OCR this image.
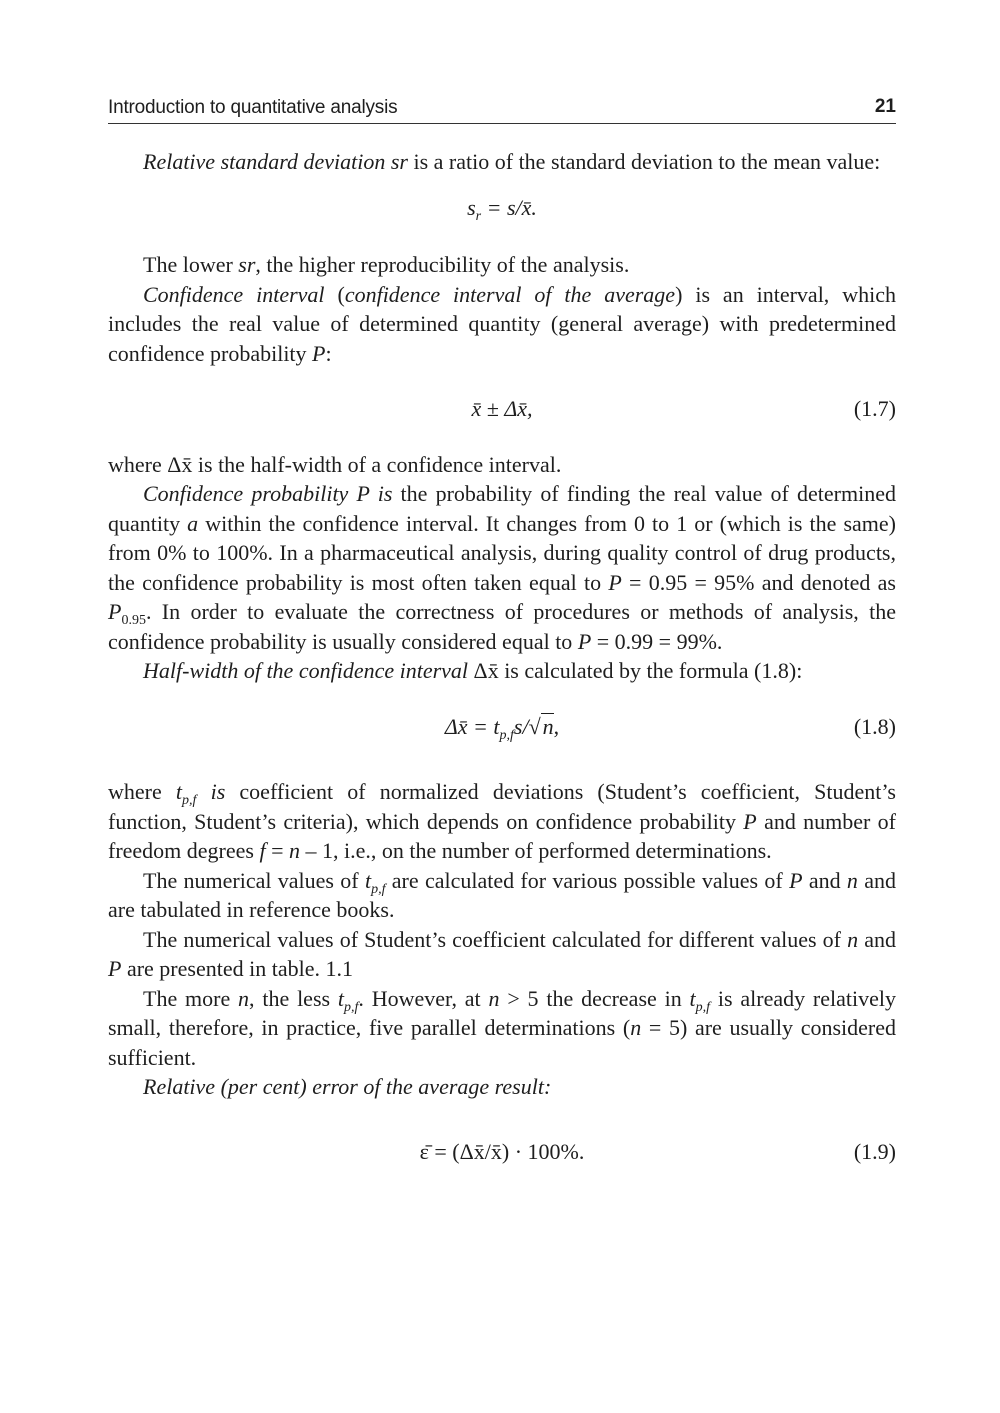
Introduction to quantitative analysis	21

Relative standard deviation sr is a ratio of the standard deviation to the mean value:

$s_r$ = s/x̄.

The lower sr, the higher reproducibility of the analysis.

Confidence interval (confidence interval of the average) is an interval, which includes the real value of determined quantity (general average) with predetermined confidence probability P:

x̄ ± Δx̄,	(1.7)

where Δx̄ is the half-width of a confidence interval.

Confidence probability P is the probability of finding the real value of determined quantity a within the confidence interval. It changes from 0 to 1 or (which is the same) from 0% to 100%. In a pharmaceutical analysis, during quality control of drug products, the confidence probability is most often taken equal to P = 0.95 = 95% and denoted as $P_{0.95}$. In order to evaluate the correctness of procedures or methods of analysis, the confidence probability is usually considered equal to P = 0.99 = 99%.

Half-width of the confidence interval Δx̄ is calculated by the formula (1.8):

Δx̄ = $t_{p,f}s/√n$,	(1.8)

where $t_{p,f}$ is coefficient of normalized deviations (Student’s coefficient, Student’s function, Student’s criteria), which depends on confidence probability P and number of freedom degrees f = n – 1, i.e., on the number of performed determinations.

The numerical values of $t_{p,f}$ are calculated for various possible values of P and n and are tabulated in reference books.

The numerical values of Student’s coefficient calculated for different values of n and P are presented in table. 1.1

The more n, the less $t_{p,f}$. However, at n > 5 the decrease in $t_{p,f}$ is already relatively small, therefore, in practice, five parallel determinations (n = 5) are usually considered sufficient.

Relative (per cent) error of the average result:

ε̄ = (Δx̄/x̄) · 100%.	(1.9)
